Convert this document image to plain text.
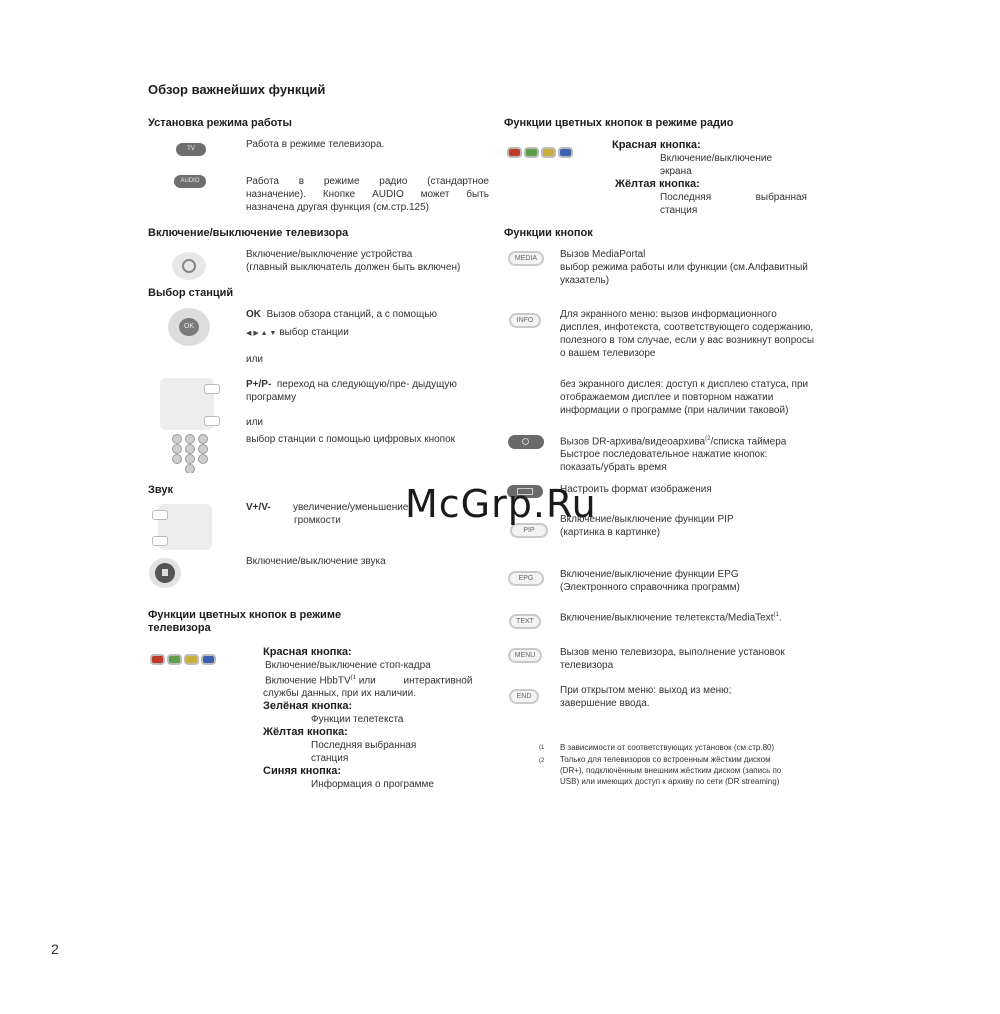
Обзор важнейших функций
Установка режима работы
TV	Работа в режиме телевизора.
AUDIO	Работа в режиме радио (стандартное
назначение). Кнопке AUDIO может быть
назначена другая функция (см.стр.125)
Включение/выключение телевизора
Включение/выключение устройства
(главный выключатель должен быть включен)
Выбор станций
OK
OK Вызов обзора станций, а с помощью
◀ ▶ ▲ ▼ выбор станции
или
P+/P- переход на следующую/пре- дыдущую
программу
или
выбор станции с помощью цифровых кнопок
Звук
V+/V- увеличение/уменьшение
громкости
Включение/выключение звука
Функции цветных кнопок в режиме
телевизора
Красная кнопка:
Включение/выключение стоп-кадра
Включение HbbTV$^{(1}$ или          интерактивной
службы данных, при их наличии.
Зелёная кнопка:
Функции телетекста
Жёлтая кнопка:
Последняя выбранная
станция
Синяя кнопка:
Информация о программе
Функции цветных кнопок в режиме радио
Красная кнопка:
Включение/выключение
экрана
Жёлтая кнопка:
Последняя                выбранная
станция
Функции кнопок
MEDIA	Вызов MediaPortal
выбор режима работы или функции (см.Алфавитный
указатель)
INFO
Для экранного меню: вызов информационного
дисплея, инфотекста, соответствующего содержанию,
полезного в том случае, если у вас возникнут вопросы
о вашем телевизоре
без экранного дислея: доступ к дисплею статуса, при
отображаемом дисплее и повторном нажатии
информации о программе (при наличии таковой)
Вызов DR-архива/видеоархива$^{(2}$/списка таймера
Быстрое последовательное нажатие кнопок:
показать/убрать время
Настроить формат изображения
PIP
Включение/выключение функции PIP
(картинка в картинке)
EPG	Включение/выключение функции EPG
(Электронного справочника программ)
TEXT	Включение/выключение телетекста/MediaText$^{(1}$.
MENU	Вызов меню телевизора, выполнение установок
телевизора
END
При открытом меню: выход из меню;
завершение ввода.
(1 В зависимости от соответствующих установок (см.стр.80)
(2 Только для телевизоров со встроенным жёстким диском
(DR+), подключённым внешним жёстким диском (запись по
USB) или имеющих доступ к архиву по сети (DR streaming)
McGrp.Ru
2
